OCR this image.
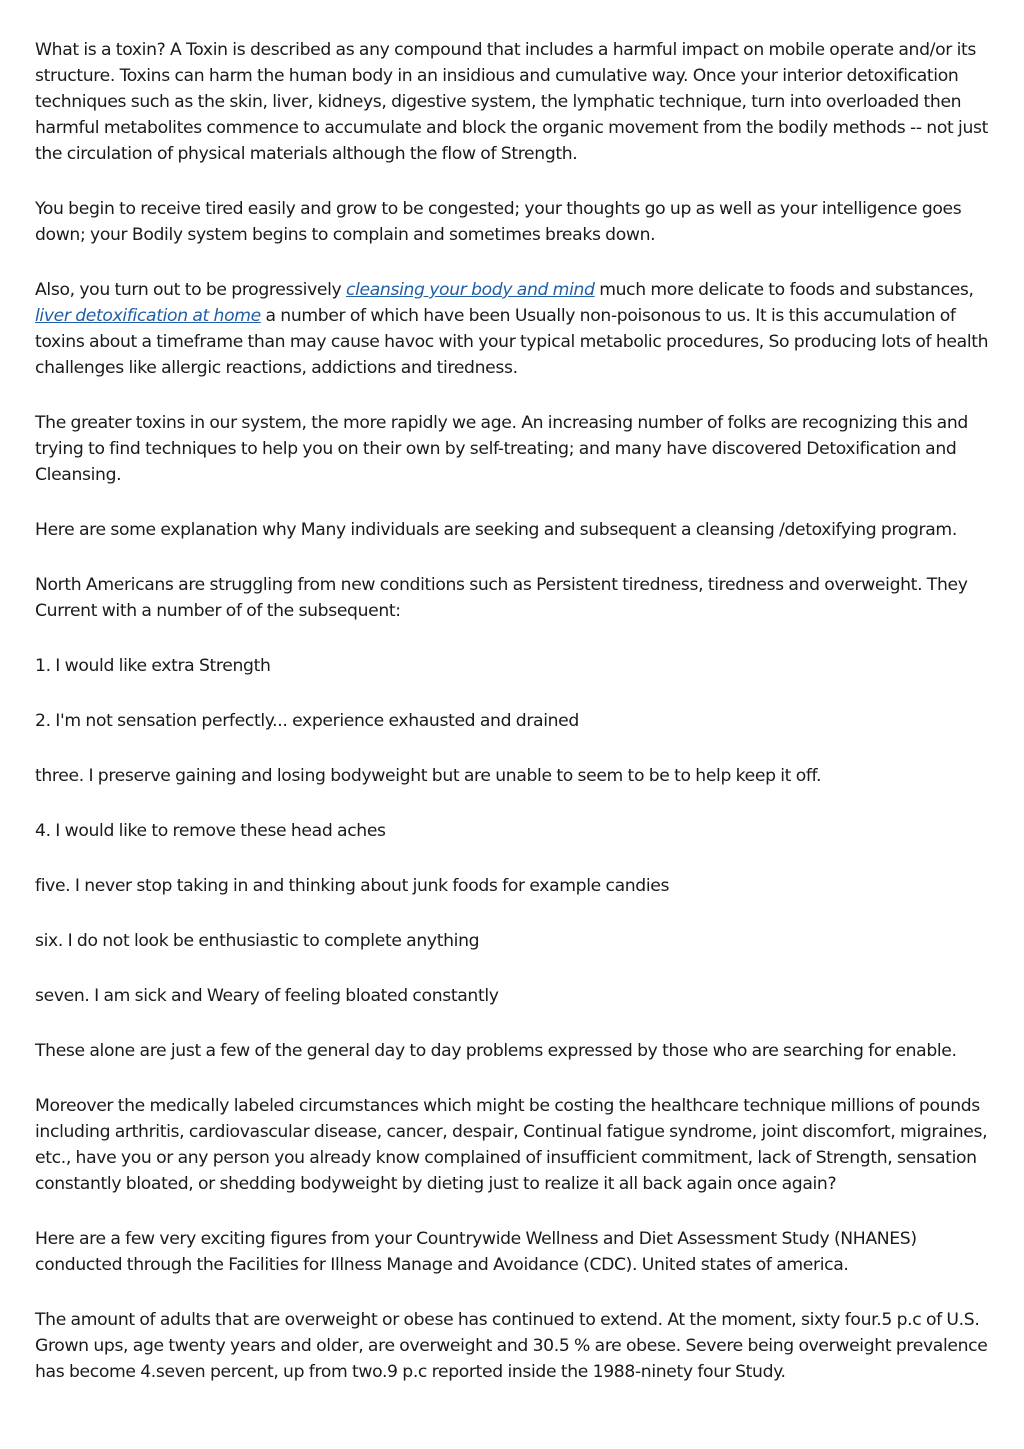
What is a toxin? A Toxin is described as any compound that includes a harmful impact on mobile operate and/or its structure. Toxins can harm the human body in an insidious and cumulative way. Once your interior detoxification techniques such as the skin, liver, kidneys, digestive system, the lymphatic technique, turn into overloaded then harmful metabolites commence to accumulate and block the organic movement from the bodily methods -- not just the circulation of physical materials although the flow of Strength.

You begin to receive tired easily and grow to be congested; your thoughts go up as well as your intelligence goes down; your Bodily system begins to complain and sometimes breaks down.

Also, you turn out to be progressively cleansing your body and mind much more delicate to foods and substances, liver detoxification at home a number of which have been Usually non-poisonous to us. It is this accumulation of toxins about a timeframe than may cause havoc with your typical metabolic procedures, So producing lots of health challenges like allergic reactions, addictions and tiredness.

The greater toxins in our system, the more rapidly we age. An increasing number of folks are recognizing this and trying to find techniques to help you on their own by self-treating; and many have discovered Detoxification and Cleansing.

Here are some explanation why Many individuals are seeking and subsequent a cleansing /detoxifying program.

North Americans are struggling from new conditions such as Persistent tiredness, tiredness and overweight. They Current with a number of of the subsequent:

1. I would like extra Strength

2. I'm not sensation perfectly... experience exhausted and drained

three. I preserve gaining and losing bodyweight but are unable to seem to be to help keep it off.

4. I would like to remove these head aches

five. I never stop taking in and thinking about junk foods for example candies

six. I do not look be enthusiastic to complete anything

seven. I am sick and Weary of feeling bloated constantly

These alone are just a few of the general day to day problems expressed by those who are searching for enable.

Moreover the medically labeled circumstances which might be costing the healthcare technique millions of pounds including arthritis, cardiovascular disease, cancer, despair, Continual fatigue syndrome, joint discomfort, migraines, etc., have you or any person you already know complained of insufficient commitment, lack of Strength, sensation constantly bloated, or shedding bodyweight by dieting just to realize it all back again once again?

Here are a few very exciting figures from your Countrywide Wellness and Diet Assessment Study (NHANES) conducted through the Facilities for Illness Manage and Avoidance (CDC). United states of america.

The amount of adults that are overweight or obese has continued to extend. At the moment, sixty four.5 p.c of U.S. Grown ups, age twenty years and older, are overweight and 30.5 % are obese. Severe being overweight prevalence has become 4.seven percent, up from two.9 p.c reported inside the 1988-ninety four Study.
